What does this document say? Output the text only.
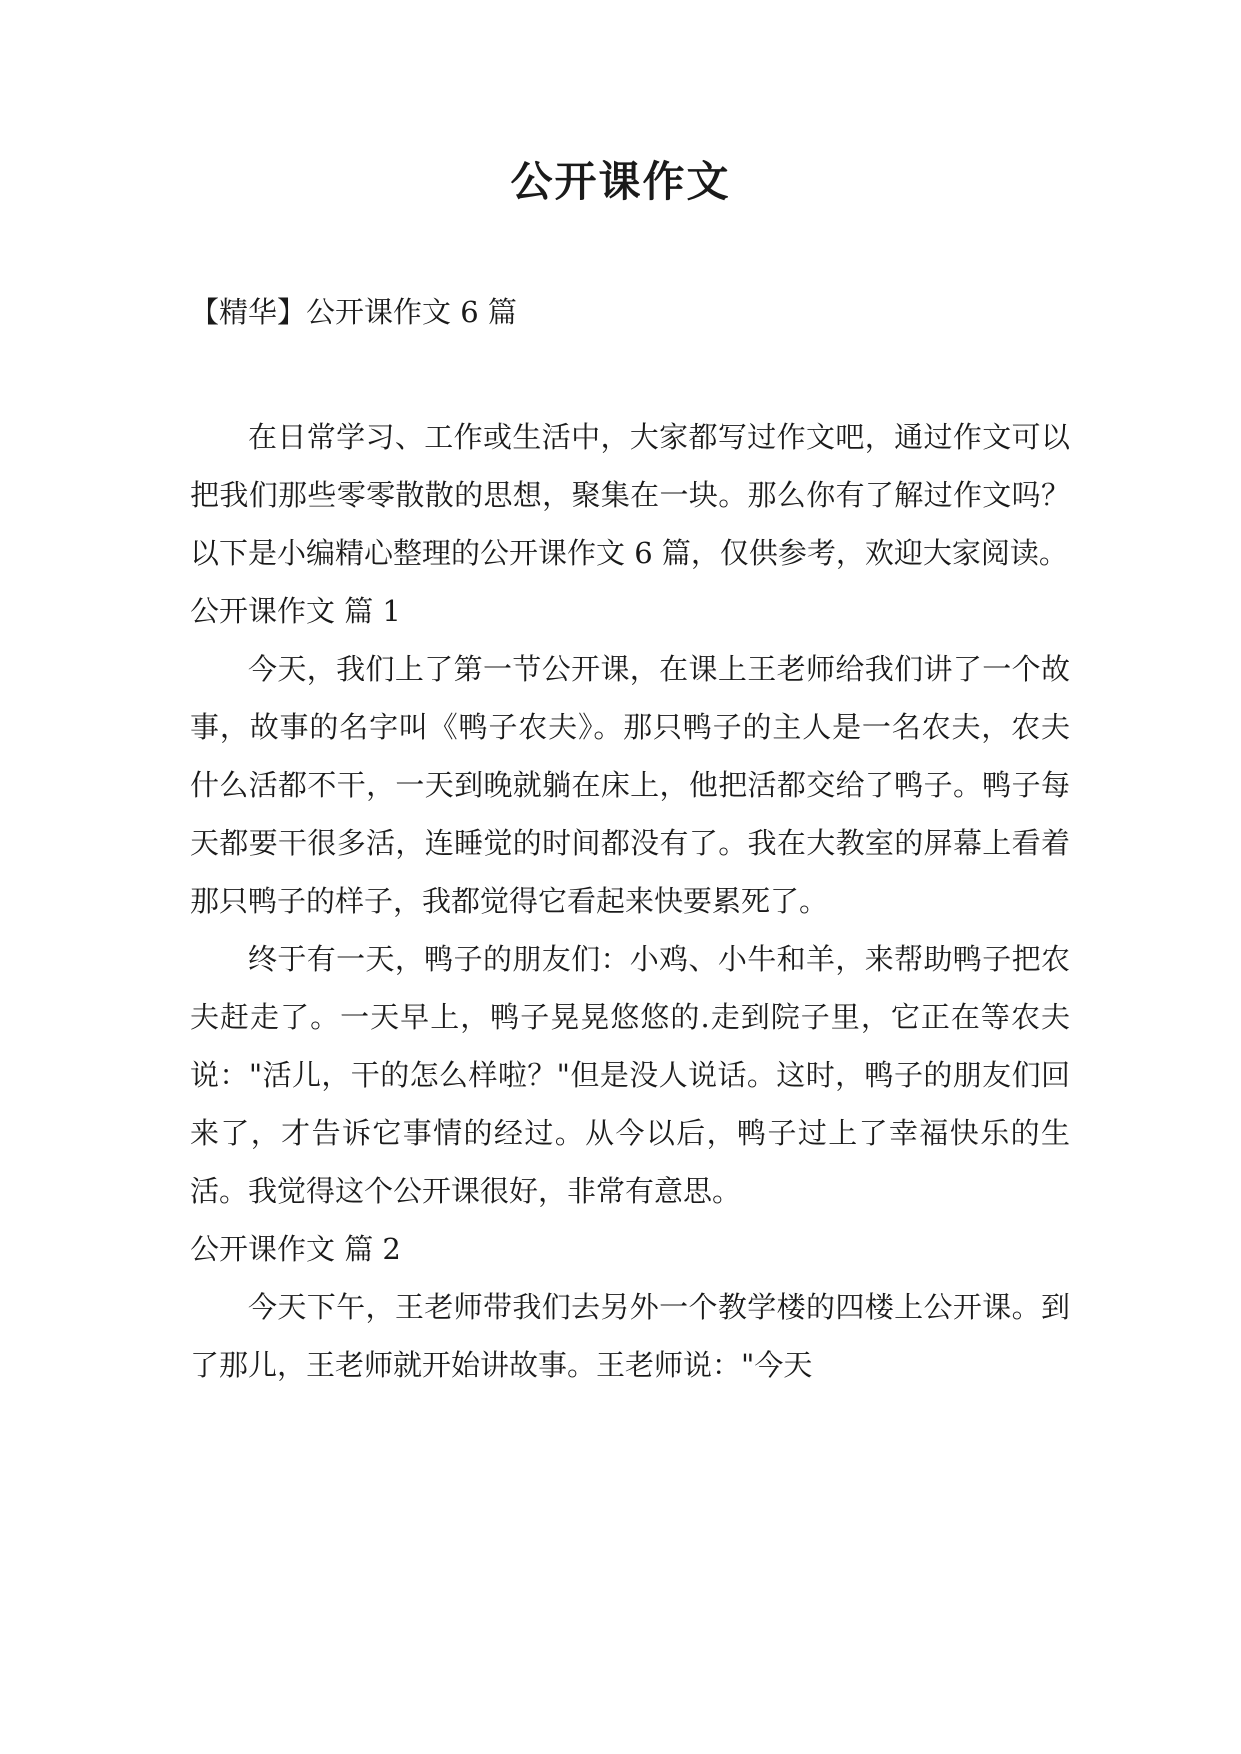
公开课作文
【精华】公开课作文 6 篇

在日常学习、工作或生活中，大家都写过作文吧，通过作文可以把我们那些零零散散的思想，聚集在一块。那么你有了解过作文吗？以下是小编精心整理的公开课作文 6 篇，仅供参考，欢迎大家阅读。

公开课作文 篇 1

今天，我们上了第一节公开课，在课上王老师给我们讲了一个故事，故事的名字叫《鸭子农夫》。那只鸭子的主人是一名农夫，农夫什么活都不干，一天到晚就躺在床上，他把活都交给了鸭子。鸭子每天都要干很多活，连睡觉的时间都没有了。我在大教室的屏幕上看着那只鸭子的样子，我都觉得它看起来快要累死了。

终于有一天，鸭子的朋友们：小鸡、小牛和羊，来帮助鸭子把农夫赶走了。一天早上，鸭子晃晃悠悠的.走到院子里，它正在等农夫说："活儿，干的怎么样啦？"但是没人说话。这时，鸭子的朋友们回来了，才告诉它事情的经过。从今以后，鸭子过上了幸福快乐的生活。我觉得这个公开课很好，非常有意思。

公开课作文 篇 2

今天下午，王老师带我们去另外一个教学楼的四楼上公开课。到了那儿，王老师就开始讲故事。王老师说："今天
